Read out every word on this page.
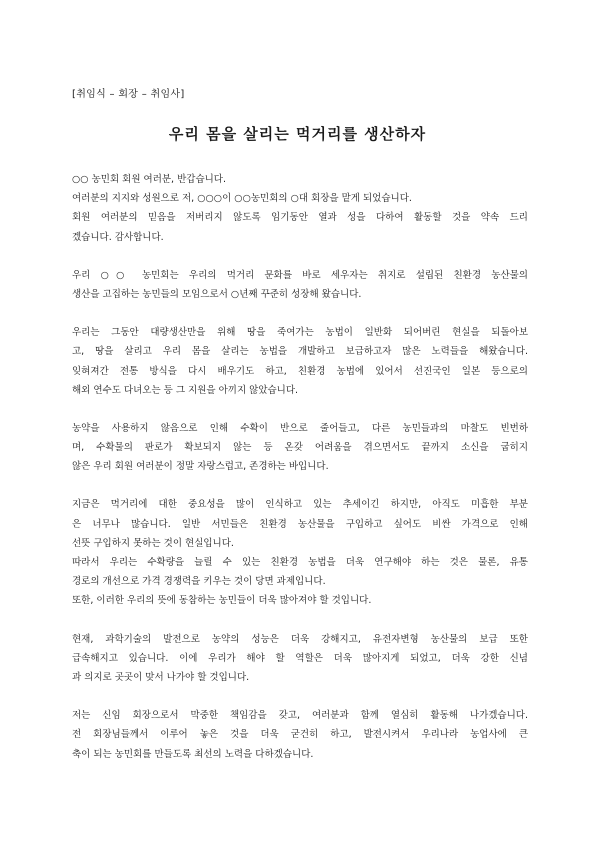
[취임식 – 회장 – 취임사]
우리 몸을 살리는 먹거리를 생산하자
○○ 농민회 회원 여러분, 반갑습니다.
여러분의 지지와 성원으로 저, ○○○이 ○○농민회의 ○대 회장을 맡게 되었습니다.
회원 여러분의 믿음을 저버리지 않도록 임기동안 열과 성을 다하여 활동할 것을 약속 드리
겠습니다. 감사합니다.
우리 ○○ 농민회는 우리의 먹거리 문화를 바로 세우자는 취지로 설립된 친환경 농산물의
생산을 고집하는 농민들의 모임으로서 ○년째 꾸준히 성장해 왔습니다.
우리는 그동안 대량생산만을 위해 땅을 죽여가는 농법이 일반화 되어버린 현실을 되돌아보
고, 땅을 살리고 우리 몸을 살리는 농법을 개발하고 보급하고자 많은 노력들을 해왔습니다.
잊혀져간 전통 방식을 다시 배우기도 하고, 친환경 농법에 있어서 선진국인 일본 등으로의
해외 연수도 다녀오는 등 그 지원을 아끼지 않았습니다.
농약을 사용하지 않음으로 인해 수확이 반으로 줄어들고, 다른 농민들과의 마찰도 빈번하
며, 수확물의 판로가 확보되지 않는 등 온갖 어려움을 겪으면서도 끝까지 소신을 굽히지
않은 우리 회원 여러분이 정말 자랑스럽고, 존경하는 바입니다.
지금은 먹거리에 대한 중요성을 많이 인식하고 있는 추세이긴 하지만, 아직도 미흡한 부분
은 너무나 많습니다. 일반 서민들은 친환경 농산물을 구입하고 싶어도 비싼 가격으로 인해
선뜻 구입하지 못하는 것이 현실입니다.
따라서 우리는 수확량을 늘릴 수 있는 친환경 농법을 더욱 연구해야 하는 것은 물론, 유통
경로의 개선으로 가격 경쟁력을 키우는 것이 당면 과제입니다.
또한, 이러한 우리의 뜻에 동참하는 농민들이 더욱 많아져야 할 것입니다.
현재, 과학기술의 발전으로 농약의 성능은 더욱 강해지고, 유전자변형 농산물의 보급 또한
급속해지고 있습니다. 이에 우리가 해야 할 역할은 더욱 많아지게 되었고, 더욱 강한 신념
과 의지로 곳곳이 맞서 나가야 할 것입니다.
저는 신임 회장으로서 막중한 책임감을 갖고, 여러분과 함께 열심히 활동해 나가겠습니다.
전 회장님들께서 이루어 놓은 것을 더욱 굳건히 하고, 발전시켜서 우리나라 농업사에 큰
축이 되는 농민회를 만들도록 최선의 노력을 다하겠습니다.
